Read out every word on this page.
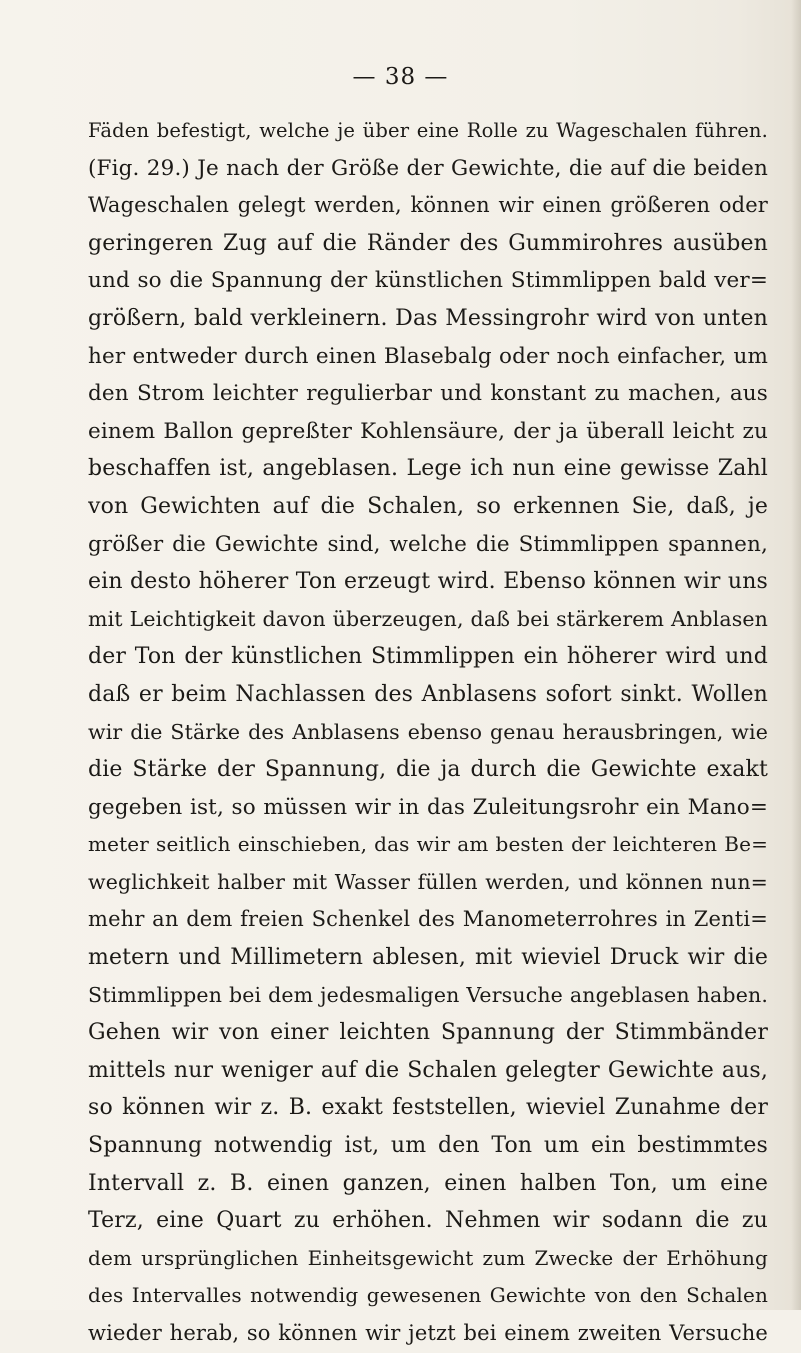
— 38 —
Fäden befestigt, welche je über eine Rolle zu Wageschalen führen.
(Fig. 29.) Je nach der Größe der Gewichte, die auf die beiden
Wageschalen gelegt werden, können wir einen größeren oder
geringeren Zug auf die Ränder des Gummirohres ausüben
und so die Spannung der künstlichen Stimmlippen bald ver=
größern, bald verkleinern. Das Messingrohr wird von unten
her entweder durch einen Blasebalg oder noch einfacher, um
den Strom leichter regulierbar und konstant zu machen, aus
einem Ballon gepreßter Kohlensäure, der ja überall leicht zu
beschaffen ist, angeblasen. Lege ich nun eine gewisse Zahl
von Gewichten auf die Schalen, so erkennen Sie, daß, je
größer die Gewichte sind, welche die Stimmlippen spannen,
ein desto höherer Ton erzeugt wird. Ebenso können wir uns
mit Leichtigkeit davon überzeugen, daß bei stärkerem Anblasen
der Ton der künstlichen Stimmlippen ein höherer wird und
daß er beim Nachlassen des Anblasens sofort sinkt. Wollen
wir die Stärke des Anblasens ebenso genau herausbringen, wie
die Stärke der Spannung, die ja durch die Gewichte exakt
gegeben ist, so müssen wir in das Zuleitungsrohr ein Mano=
meter seitlich einschieben, das wir am besten der leichteren Be=
weglichkeit halber mit Wasser füllen werden, und können nun=
mehr an dem freien Schenkel des Manometerrohres in Zenti=
metern und Millimetern ablesen, mit wieviel Druck wir die
Stimmlippen bei dem jedesmaligen Versuche angeblasen haben.
Gehen wir von einer leichten Spannung der Stimmbänder
mittels nur weniger auf die Schalen gelegter Gewichte aus,
so können wir z. B. exakt feststellen, wieviel Zunahme der
Spannung notwendig ist, um den Ton um ein bestimmtes
Intervall z. B. einen ganzen, einen halben Ton, um eine
Terz, eine Quart zu erhöhen. Nehmen wir sodann die zu
dem ursprünglichen Einheitsgewicht zum Zwecke der Erhöhung
des Intervalles notwendig gewesenen Gewichte von den Schalen
wieder herab, so können wir jetzt bei einem zweiten Versuche
